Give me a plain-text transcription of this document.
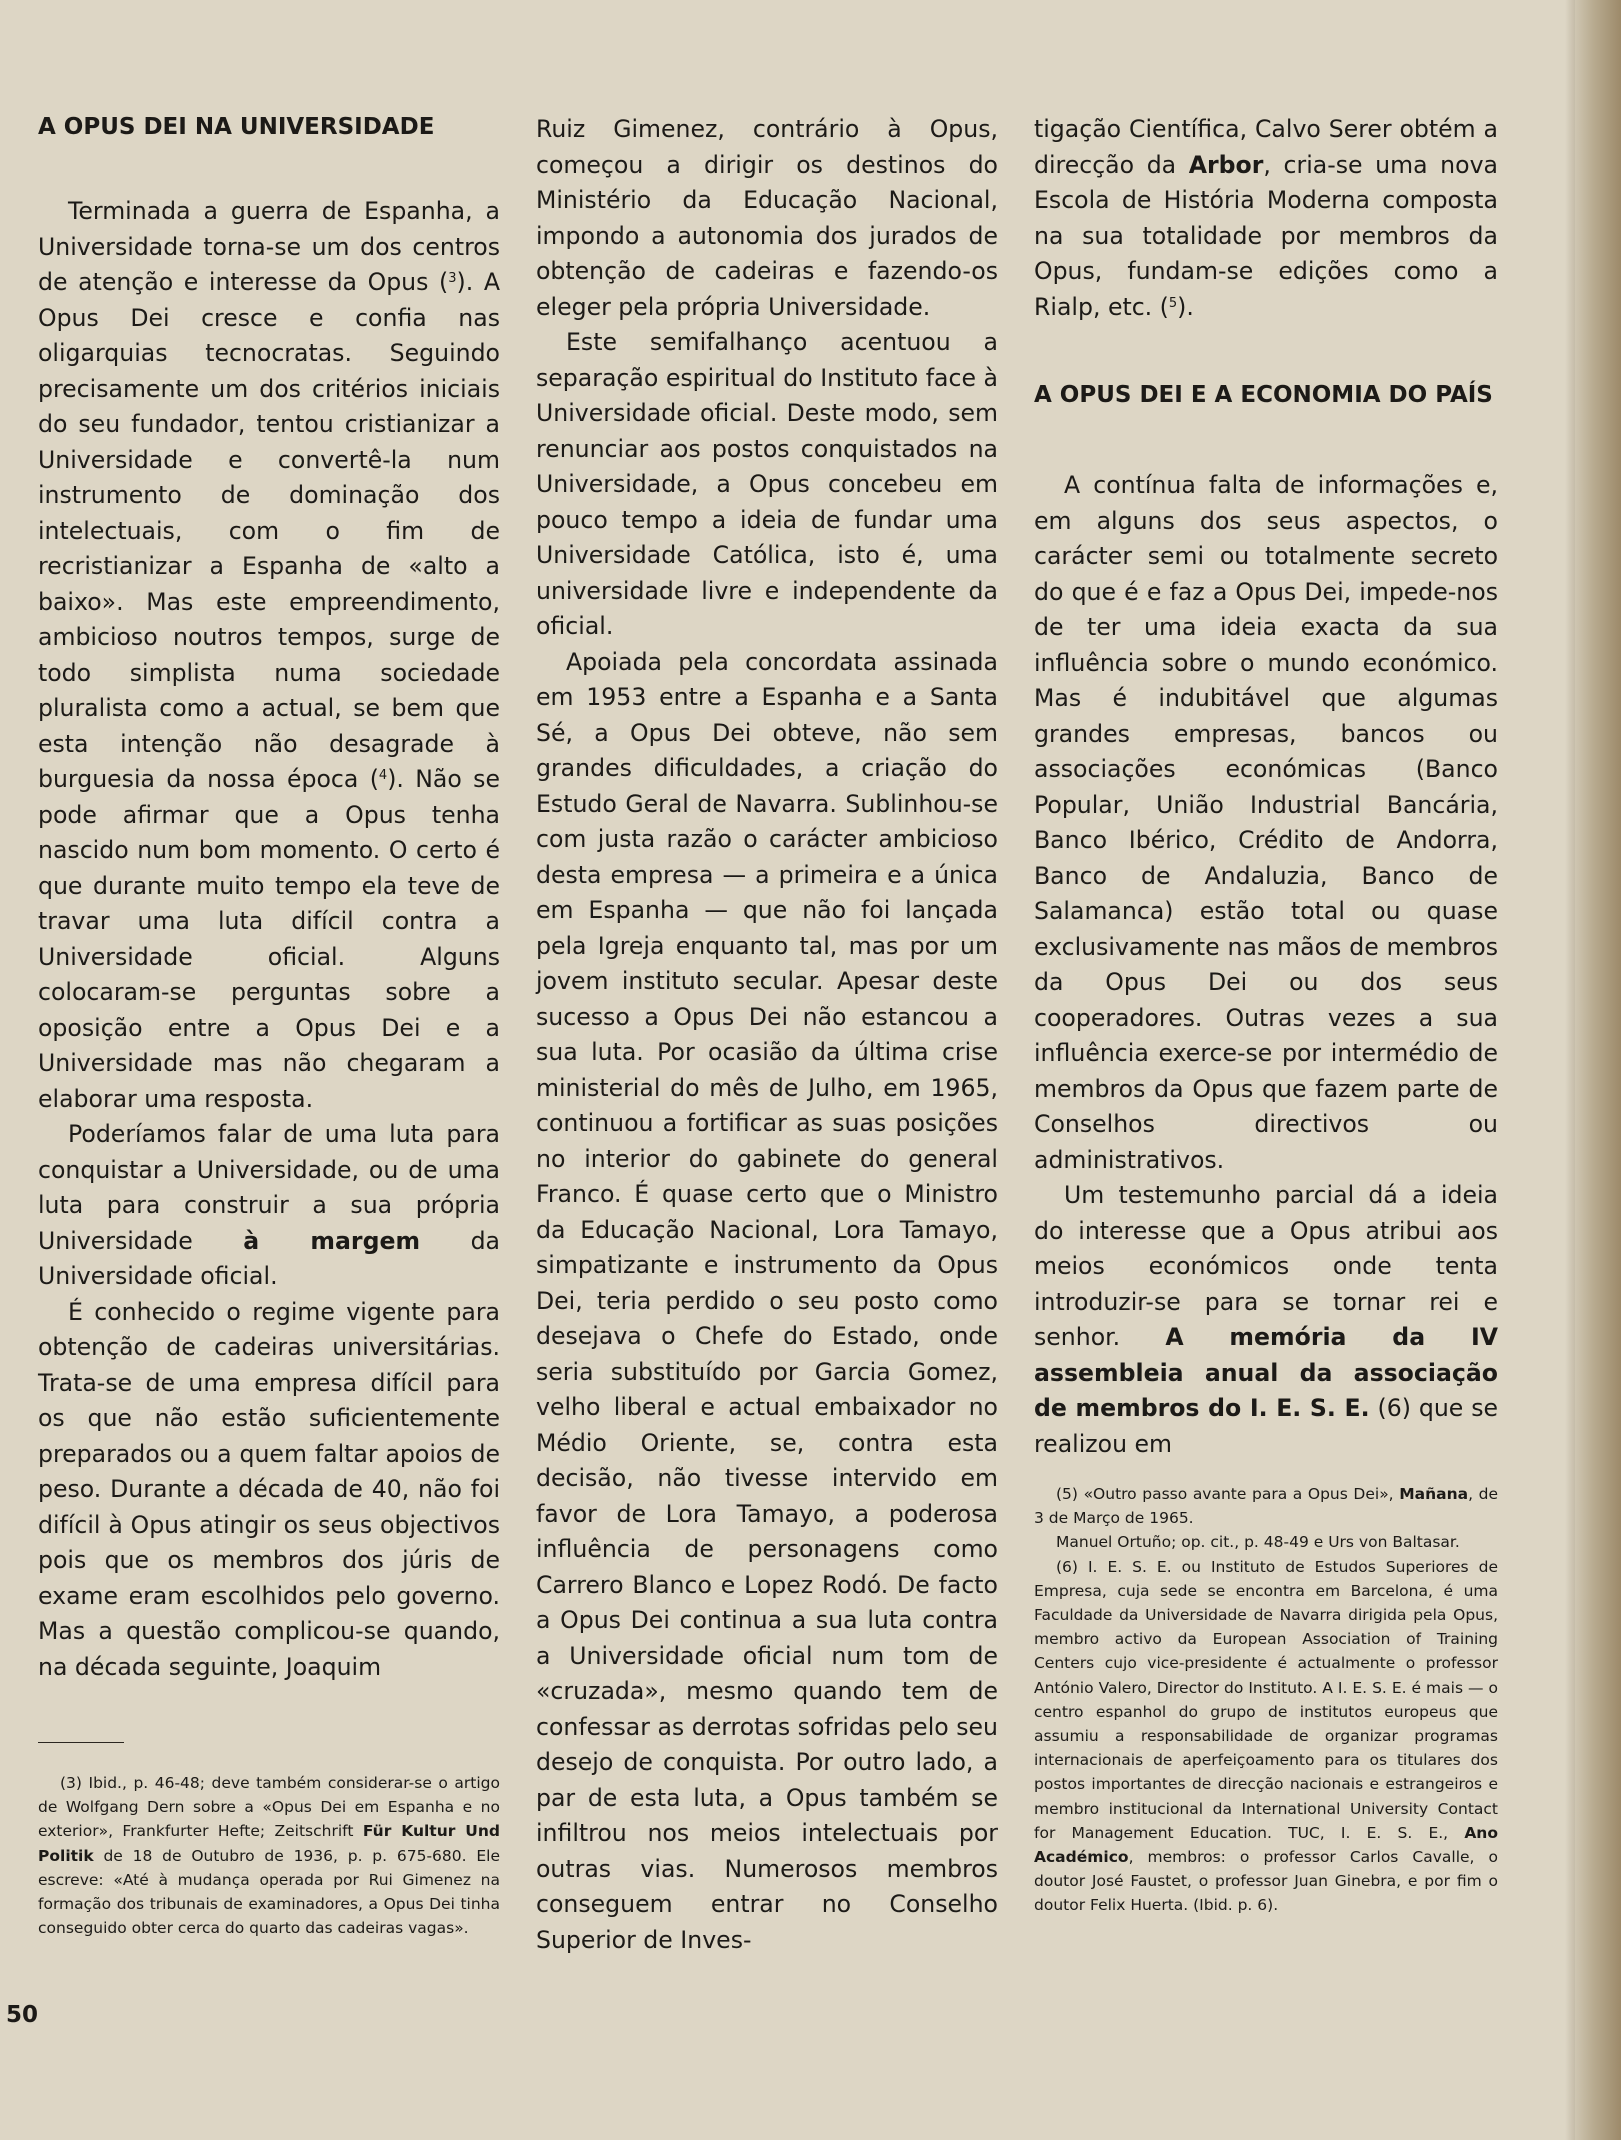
A OPUS DEI NA UNIVERSIDADE

Terminada a guerra de Espanha, a Universidade torna-se um dos centros de atenção e interesse da Opus ($^3$). A Opus Dei cresce e confia nas oligarquias tecnocratas. Seguindo precisamente um dos critérios iniciais do seu fundador, tentou cristianizar a Universidade e convertê-la num instrumento de dominação dos intelectuais, com o fim de recristianizar a Espanha de «alto a baixo». Mas este empreendimento, ambicioso noutros tempos, surge de todo simplista numa sociedade pluralista como a actual, se bem que esta intenção não desagrade à burguesia da nossa época ($^4$). Não se pode afirmar que a Opus tenha nascido num bom momento. O certo é que durante muito tempo ela teve de travar uma luta difícil contra a Universidade oficial. Alguns colocaram-se perguntas sobre a oposição entre a Opus Dei e a Universidade mas não chegaram a elaborar uma resposta.

Poderíamos falar de uma luta para conquistar a Universidade, ou de uma luta para construir a sua própria Universidade à margem da Universidade oficial.

É conhecido o regime vigente para obtenção de cadeiras universitárias. Trata-se de uma empresa difícil para os que não estão suficientemente preparados ou a quem faltar apoios de peso. Durante a década de 40, não foi difícil à Opus atingir os seus objectivos pois que os membros dos júris de exame eram escolhidos pelo governo. Mas a questão complicou-se quando, na década seguinte, Joaquim

(3) Ibid., p. 46-48; deve também considerar-se o artigo de Wolfgang Dern sobre a «Opus Dei em Espanha e no exterior», Frankfurter Hefte; Zeitschrift Für Kultur Und Politik de 18 de Outubro de 1936, p. p. 675-680. Ele escreve: «Até à mudança operada por Rui Gimenez na formação dos tribunais de examinadores, a Opus Dei tinha conseguido obter cerca do quarto das cadeiras vagas».

Ruiz Gimenez, contrário à Opus, começou a dirigir os destinos do Ministério da Educação Nacional, impondo a autonomia dos jurados de obtenção de cadeiras e fazendo-os eleger pela própria Universidade.

Este semifalhanço acentuou a separação espiritual do Instituto face à Universidade oficial. Deste modo, sem renunciar aos postos conquistados na Universidade, a Opus concebeu em pouco tempo a ideia de fundar uma Universidade Católica, isto é, uma universidade livre e independente da oficial.

Apoiada pela concordata assinada em 1953 entre a Espanha e a Santa Sé, a Opus Dei obteve, não sem grandes dificuldades, a criação do Estudo Geral de Navarra. Sublinhou-se com justa razão o carácter ambicioso desta empresa — a primeira e a única em Espanha — que não foi lançada pela Igreja enquanto tal, mas por um jovem instituto secular. Apesar deste sucesso a Opus Dei não estancou a sua luta. Por ocasião da última crise ministerial do mês de Julho, em 1965, continuou a fortificar as suas posições no interior do gabinete do general Franco. É quase certo que o Ministro da Educação Nacional, Lora Tamayo, simpatizante e instrumento da Opus Dei, teria perdido o seu posto como desejava o Chefe do Estado, onde seria substituído por Garcia Gomez, velho liberal e actual embaixador no Médio Oriente, se, contra esta decisão, não tivesse intervido em favor de Lora Tamayo, a poderosa influência de personagens como Carrero Blanco e Lopez Rodó. De facto a Opus Dei continua a sua luta contra a Universidade oficial num tom de «cruzada», mesmo quando tem de confessar as derrotas sofridas pelo seu desejo de conquista. Por outro lado, a par de esta luta, a Opus também se infiltrou nos meios intelectuais por outras vias. Numerosos membros conseguem entrar no Conselho Superior de Inves-

tigação Científica, Calvo Serer obtém a direcção da Arbor, cria-se uma nova Escola de História Moderna composta na sua totalidade por membros da Opus, fundam-se edições como a Rialp, etc. ($^5$).

A OPUS DEI E A ECONOMIA DO PAÍS

A contínua falta de informações e, em alguns dos seus aspectos, o carácter semi ou totalmente secreto do que é e faz a Opus Dei, impede-nos de ter uma ideia exacta da sua influência sobre o mundo económico. Mas é indubitável que algumas grandes empresas, bancos ou associações económicas (Banco Popular, União Industrial Bancária, Banco Ibérico, Crédito de Andorra, Banco de Andaluzia, Banco de Salamanca) estão total ou quase exclusivamente nas mãos de membros da Opus Dei ou dos seus cooperadores. Outras vezes a sua influência exerce-se por intermédio de membros da Opus que fazem parte de Conselhos directivos ou administrativos.

Um testemunho parcial dá a ideia do interesse que a Opus atribui aos meios económicos onde tenta introduzir-se para se tornar rei e senhor. A memória da IV assembleia anual da associação de membros do I. E. S. E. (6) que se realizou em

(5) «Outro passo avante para a Opus Dei», Mañana, de 3 de Março de 1965.

Manuel Ortuño; op. cit., p. 48-49 e Urs von Baltasar.

(6) I. E. S. E. ou Instituto de Estudos Superiores de Empresa, cuja sede se encontra em Barcelona, é uma Faculdade da Universidade de Navarra dirigida pela Opus, membro activo da European Association of Training Centers cujo vice-presidente é actualmente o professor António Valero, Director do Instituto. A I. E. S. E. é mais — o centro espanhol do grupo de institutos europeus que assumiu a responsabilidade de organizar programas internacionais de aperfeiçoamento para os titulares dos postos importantes de direcção nacionais e estrangeiros e membro institucional da International University Contact for Management Education. TUC, I. E. S. E., Ano Académico, membros: o professor Carlos Cavalle, o doutor José Faustet, o professor Juan Ginebra, e por fim o doutor Felix Huerta. (Ibid. p. 6).

50
